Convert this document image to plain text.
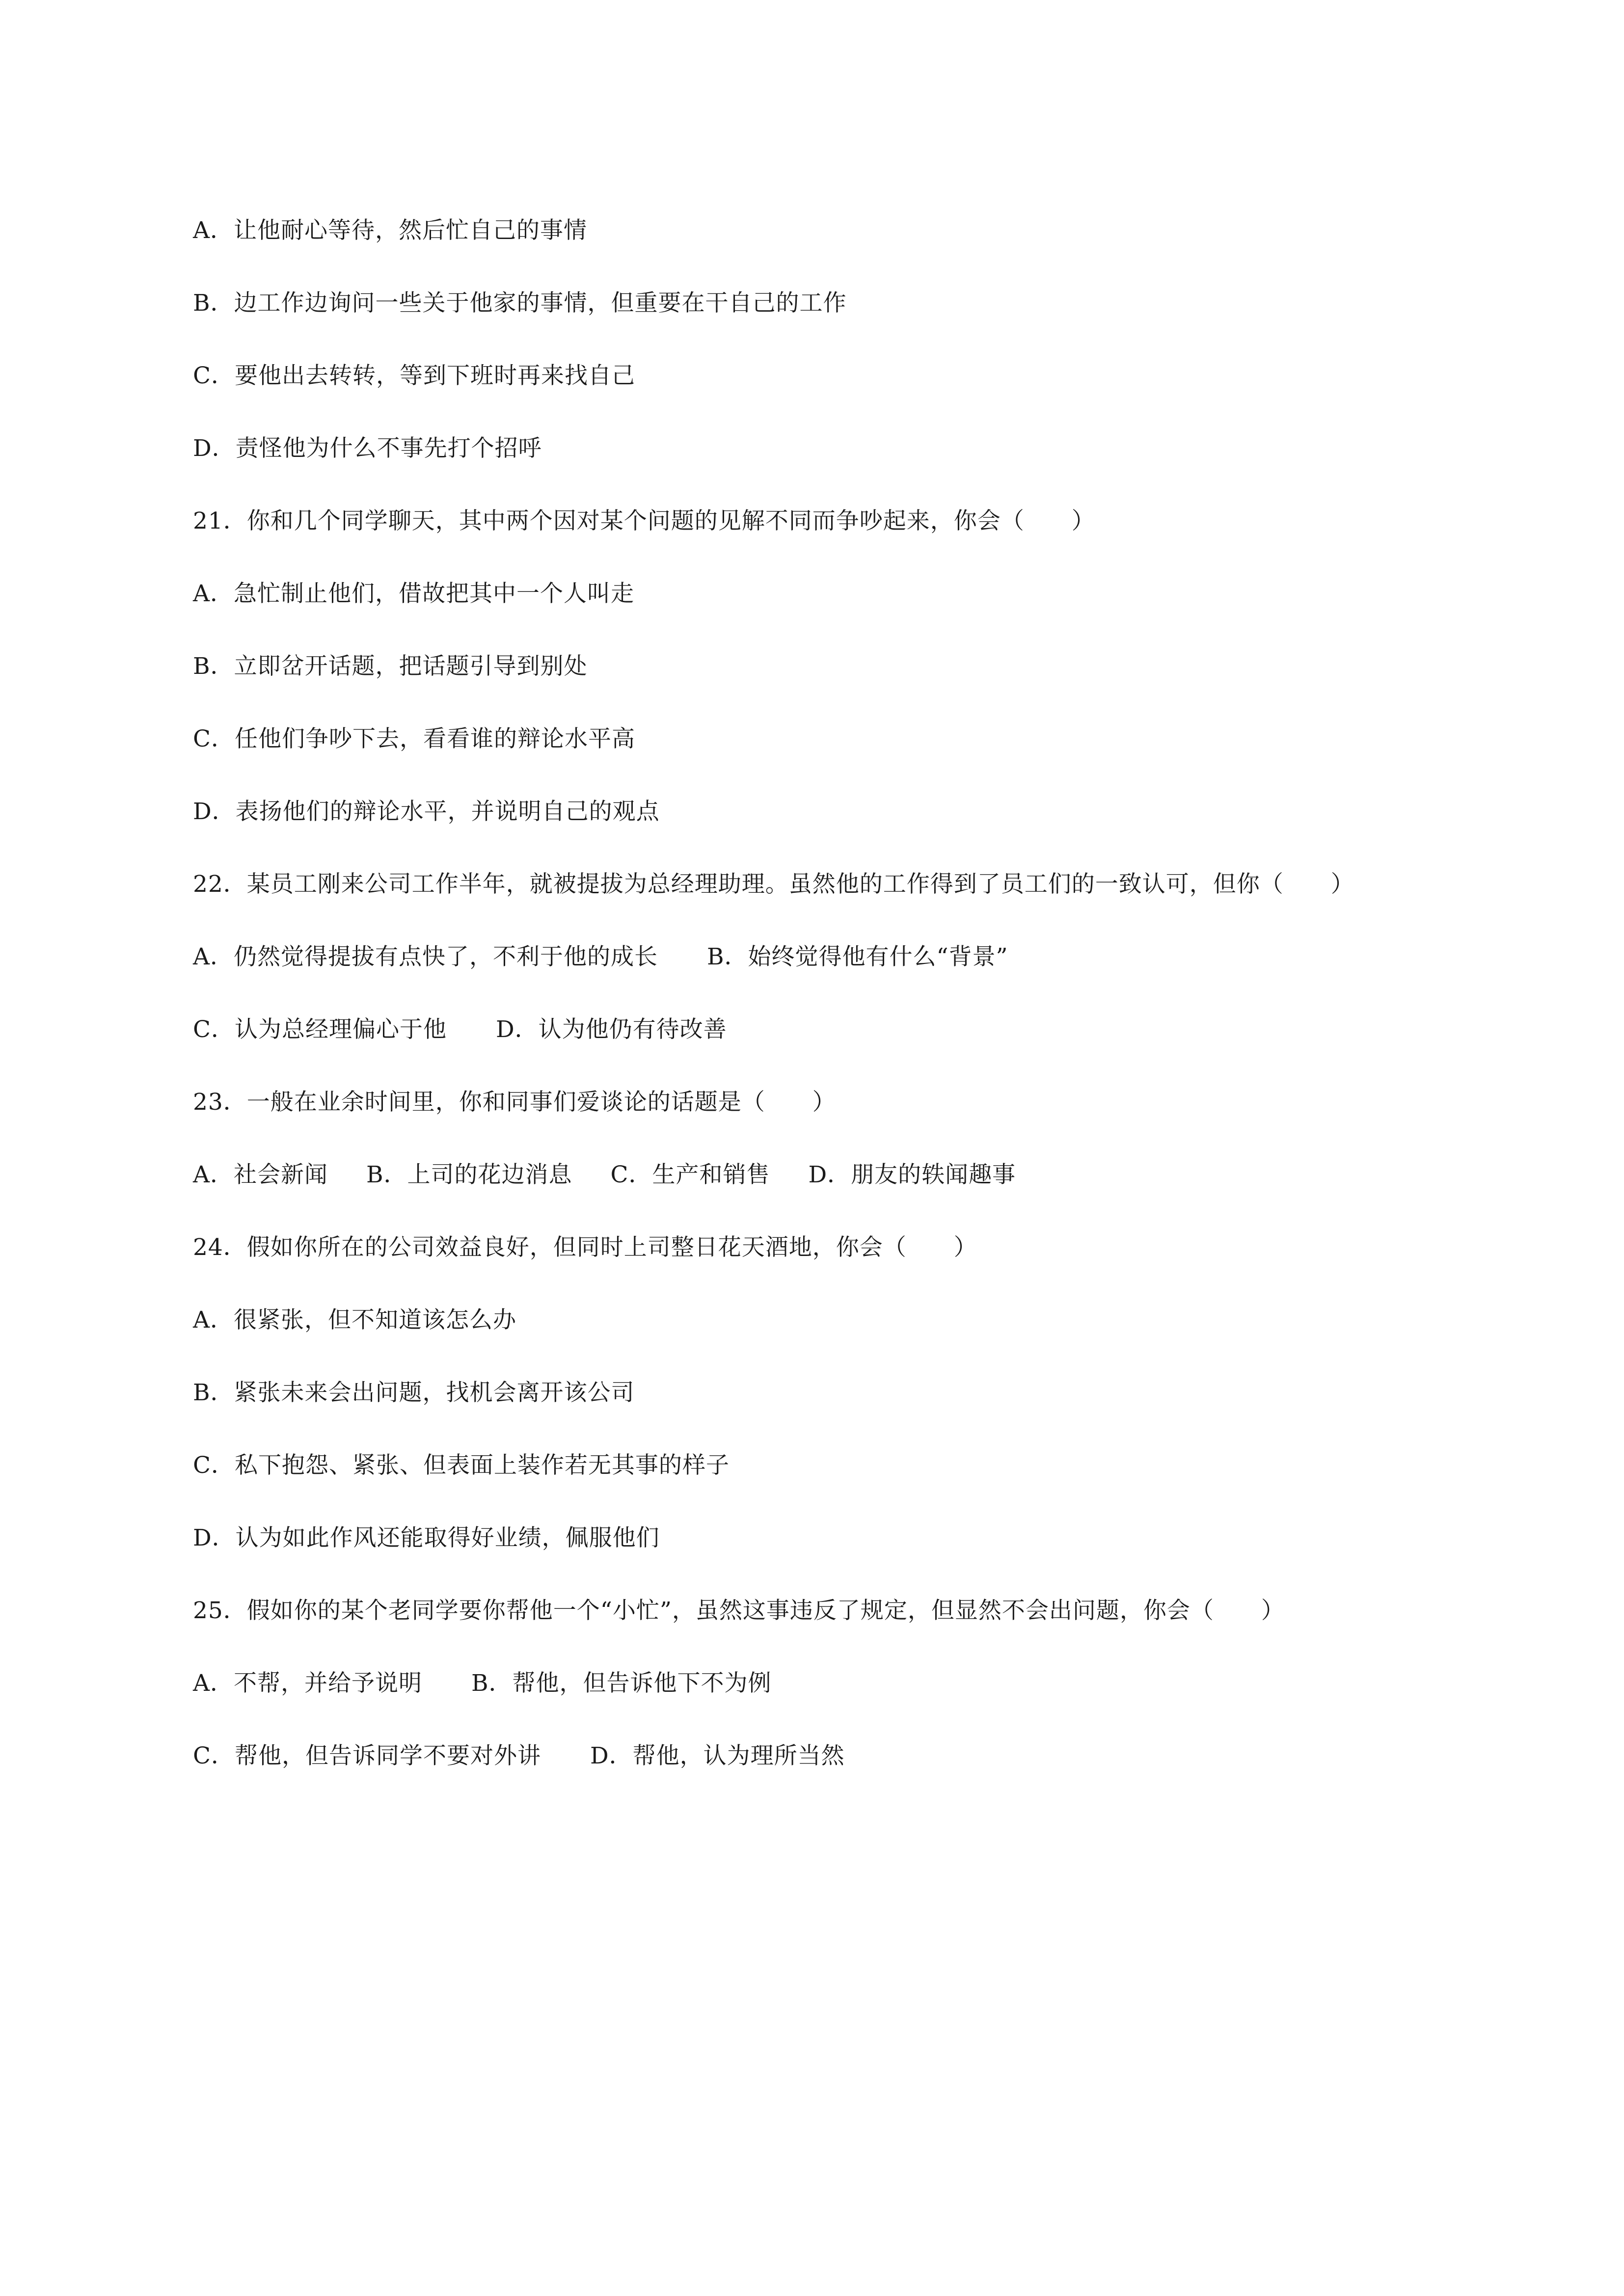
A．让他耐心等待，然后忙自己的事情
B．边工作边询问一些关于他家的事情，但重要在干自己的工作
C．要他出去转转，等到下班时再来找自己
D．责怪他为什么不事先打个招呼
21．你和几个同学聊天，其中两个因对某个问题的见解不同而争吵起来，你会（　　）
A．急忙制止他们，借故把其中一个人叫走
B．立即岔开话题，把话题引导到别处
C．任他们争吵下去，看看谁的辩论水平高
D．表扬他们的辩论水平，并说明自己的观点
22．某员工刚来公司工作半年，就被提拔为总经理助理。虽然他的工作得到了员工们的一致认可，但你（　　）
A．仍然觉得提拔有点快了，不利于他的成长 B．始终觉得他有什么“背景”
C．认为总经理偏心于他 D．认为他仍有待改善
23．一般在业余时间里，你和同事们爱谈论的话题是（　　）
A．社会新闻 B．上司的花边消息 C．生产和销售 D．朋友的轶闻趣事
24．假如你所在的公司效益良好，但同时上司整日花天酒地，你会（　　）
A．很紧张，但不知道该怎么办
B．紧张未来会出问题，找机会离开该公司
C．私下抱怨、紧张、但表面上装作若无其事的样子
D．认为如此作风还能取得好业绩，佩服他们
25．假如你的某个老同学要你帮他一个“小忙”，虽然这事违反了规定，但显然不会出问题，你会（　　）
A．不帮，并给予说明 B．帮他，但告诉他下不为例
C．帮他，但告诉同学不要对外讲 D．帮他，认为理所当然
